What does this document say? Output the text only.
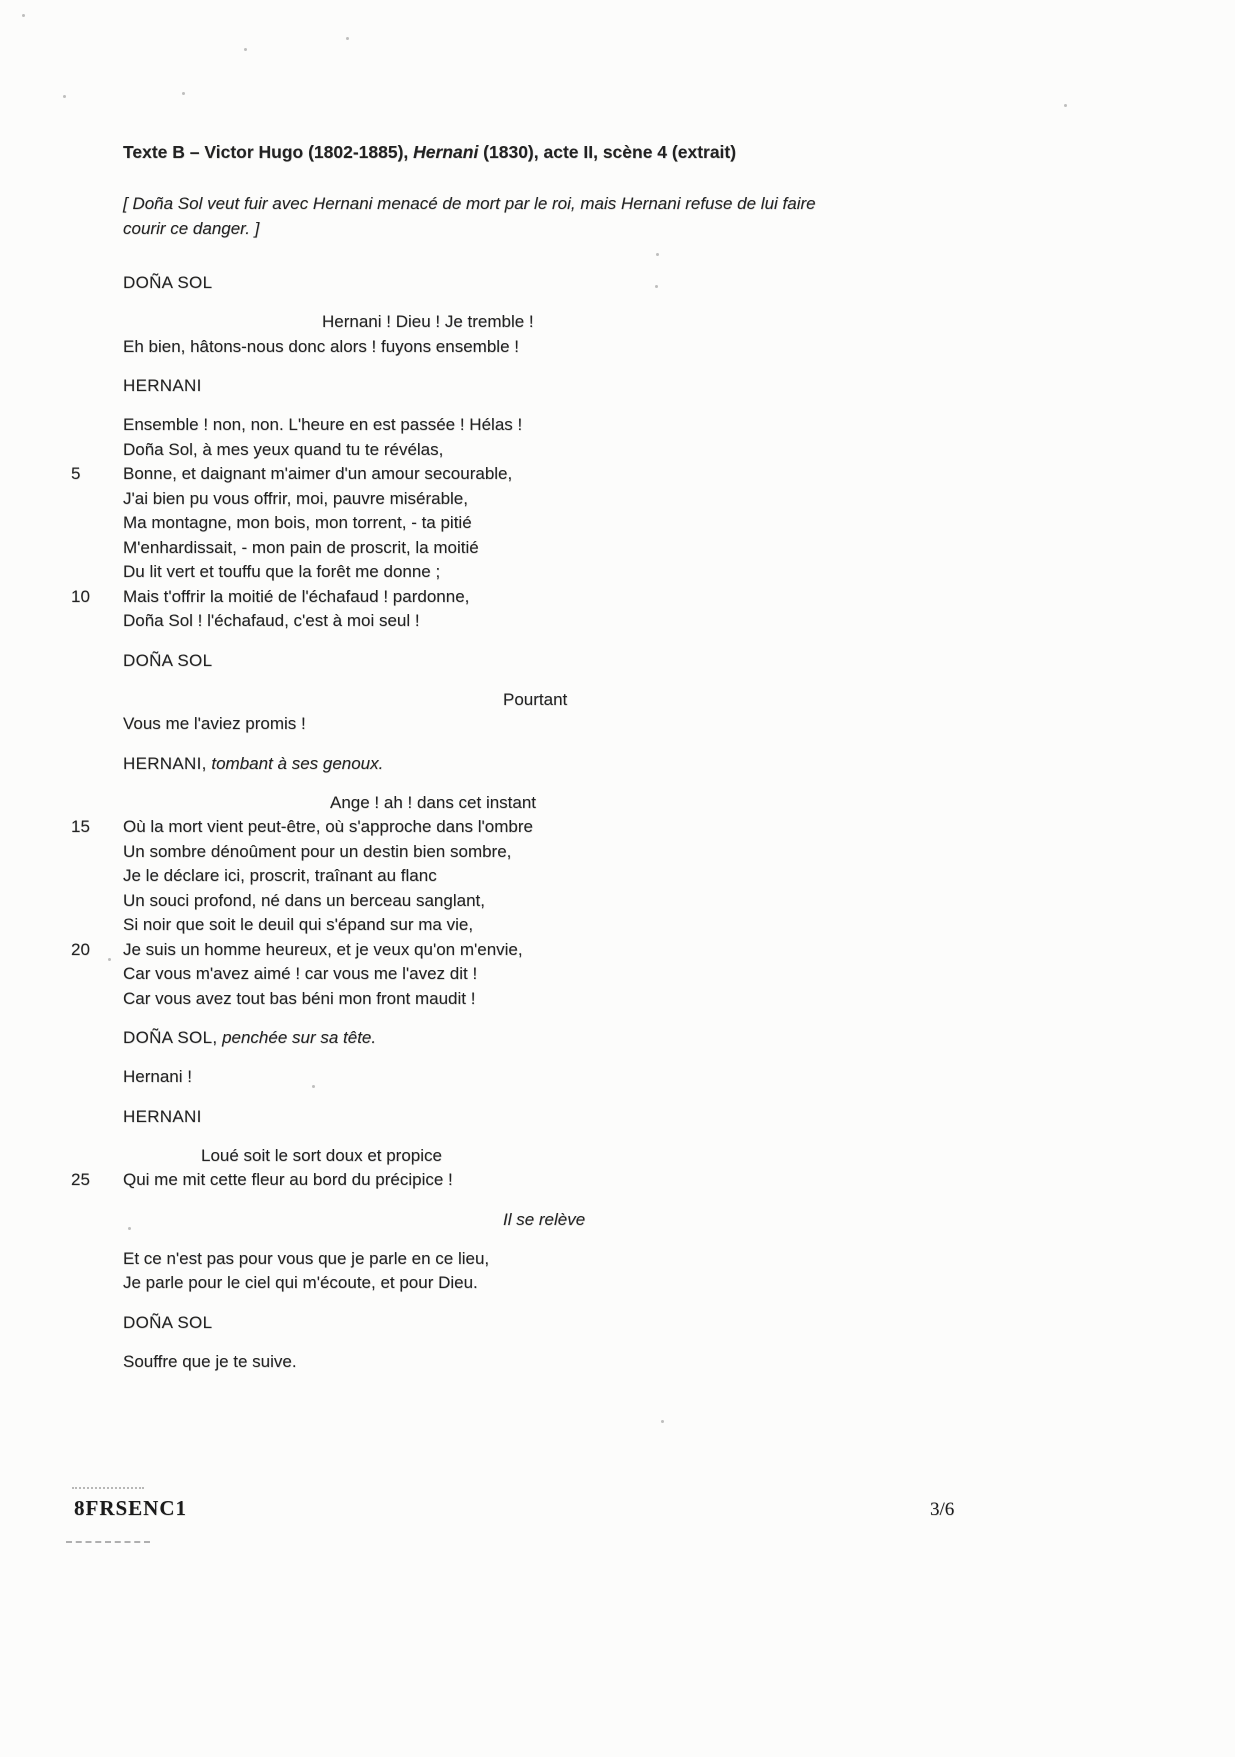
Texte B – Victor Hugo (1802-1885), Hernani (1830), acte II, scène 4 (extrait)
[ Doña Sol veut fuir avec Hernani menacé de mort par le roi, mais Hernani refuse de lui faire
courir ce danger. ]

DOÑA SOL

Hernani ! Dieu ! Je tremble !
Eh bien, hâtons-nous donc alors ! fuyons ensemble !

HERNANI

Ensemble ! non, non. L'heure en est passée ! Hélas !
Doña Sol, à mes yeux quand tu te révélas,
5	Bonne, et daignant m'aimer d'un amour secourable,
J'ai bien pu vous offrir, moi, pauvre misérable,
Ma montagne, mon bois, mon torrent, - ta pitié
M'enhardissait, - mon pain de proscrit, la moitié
Du lit vert et touffu que la forêt me donne ;
10 Mais t'offrir la moitié de l'échafaud ! pardonne,
Doña Sol ! l'échafaud, c'est à moi seul !

DOÑA SOL

Pourtant
Vous me l'aviez promis !

HERNANI, tombant à ses genoux.

Ange ! ah ! dans cet instant
15 Où la mort vient peut-être, où s'approche dans l'ombre
Un sombre dénoûment pour un destin bien sombre,
Je le déclare ici, proscrit, traînant au flanc
Un souci profond, né dans un berceau sanglant,
Si noir que soit le deuil qui s'épand sur ma vie,
20 Je suis un homme heureux, et je veux qu'on m'envie,
Car vous m'avez aimé ! car vous me l'avez dit !
Car vous avez tout bas béni mon front maudit !

DOÑA SOL, penchée sur sa tête.

Hernani !

HERNANI

Loué soit le sort doux et propice
25 Qui me mit cette fleur au bord du précipice !

Il se relève

Et ce n'est pas pour vous que je parle en ce lieu,
Je parle pour le ciel qui m'écoute, et pour Dieu.

DOÑA SOL

Souffre que je te suive.
8FRSENC1	3/6
